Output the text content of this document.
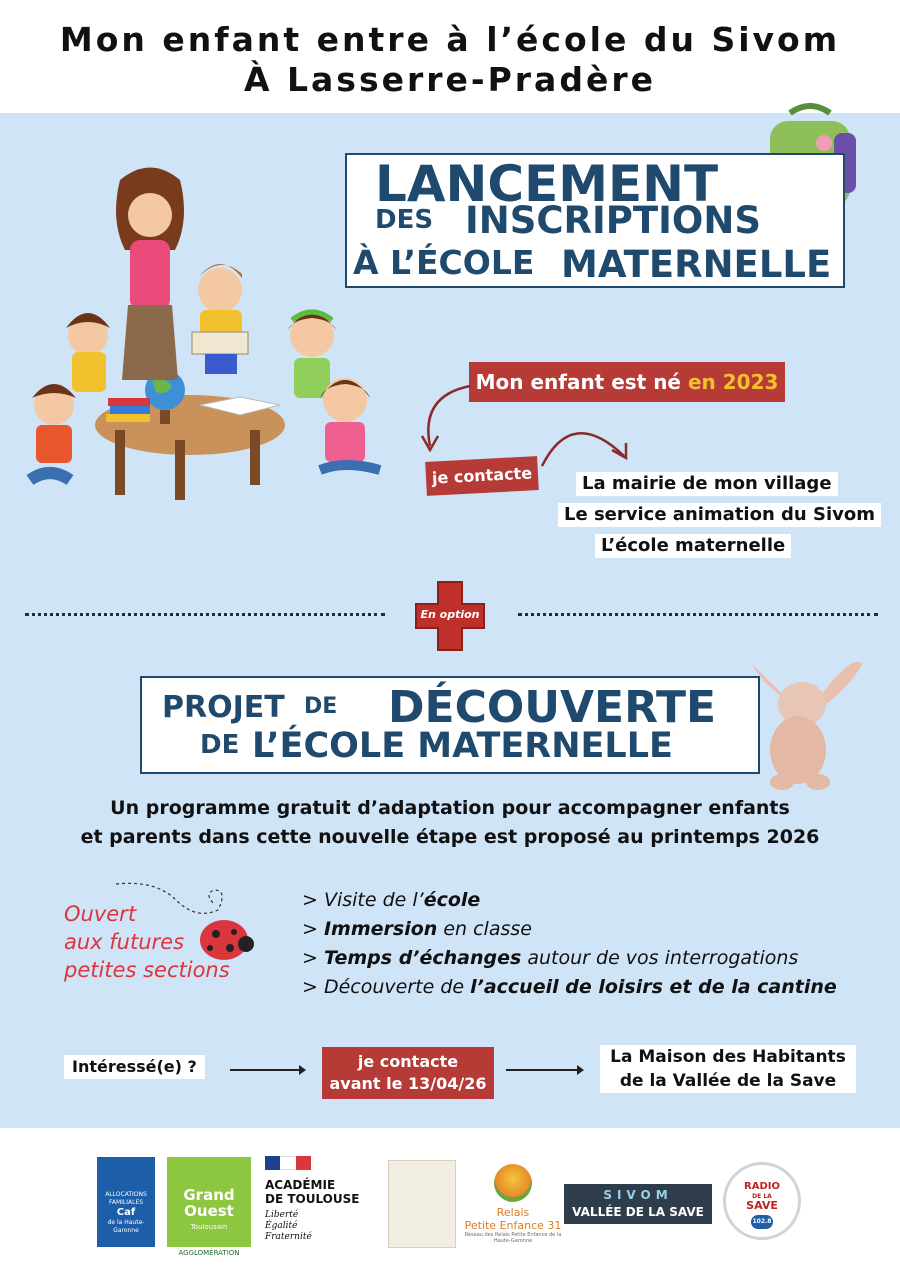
Mon enfant entre à l’école du Sivom
À Lasserre-Pradère
LANCEMENT
DES INSCRIPTIONS
À L’ÉCOLE MATERNELLE
Mon enfant est né en 2023
je contacte	La mairie de mon village
Le service animation du Sivom
L’école maternelle
En option
PROJET DE DÉCOUVERTE
DE L’ÉCOLE MATERNELLE
Un programme gratuit d’adaptation pour accompagner enfants
et parents dans cette nouvelle étape est proposé au printemps 2026
Ouvert
aux futures
petites sections
> Visite de l’école
> Immersion en classe
> Temps d’échanges autour de vos interrogations
> Découverte de l’accueil de loisirs et de la cantine
Intéressé(e) ?	je contacte
avant le 13/04/26
La Maison des Habitants
de la Vallée de la Save
ALLOCATIONS
FAMILIALES
Caf
de la Haute-
Garonne
Grand
Ouest
Toulousain
AGGLOMÉRATION
ACADÉMIE
DE TOULOUSE
Liberté
Égalité
Fraternité
Relais
Petite Enfance 31
Réseau des Relais Petite Enfance de la Haute-Garonne
SIVOM
VALLÉE DE LA SAVE
RADIO
DE LA
SAVE
102.8 FM
